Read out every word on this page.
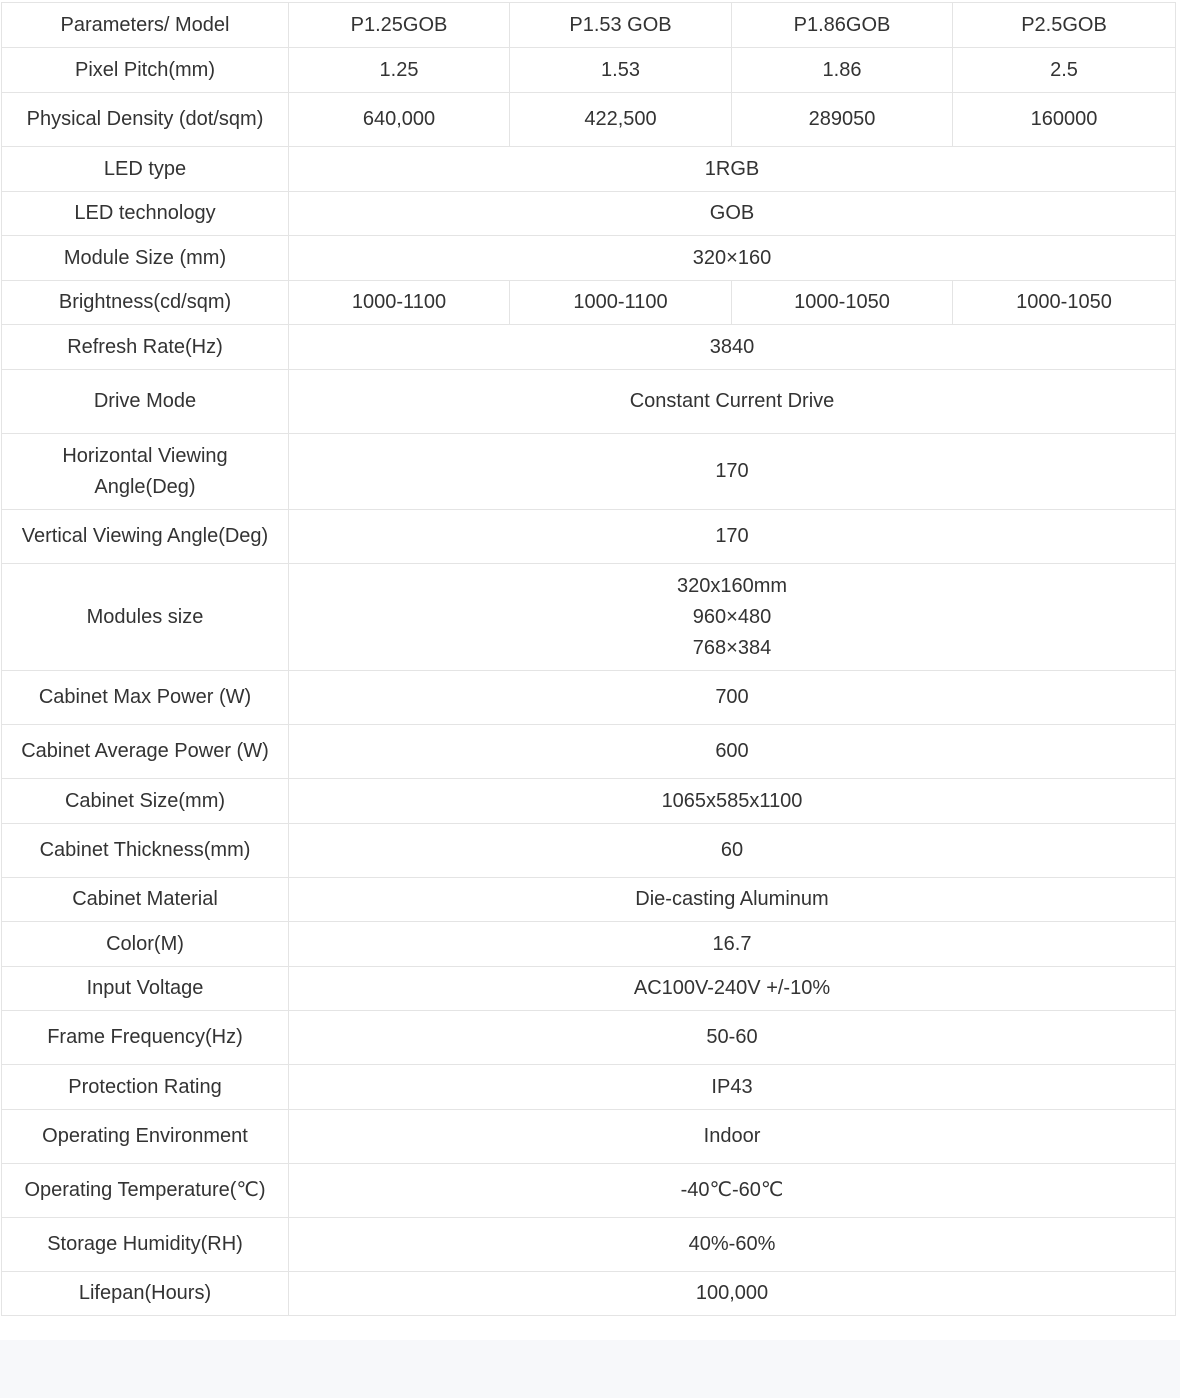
Parameters/ Model	P1.25GOB	P1.53 GOB	P1.86GOB	P2.5GOB
Pixel Pitch(mm)	1.25	1.53	1.86	2.5
Physical Density (dot/sqm)	640,000	422,500	289050	160000
LED type	1RGB			
LED technology	GOB			
Module Size (mm)	320×160			
Brightness(cd/sqm)	1000-1100	1000-1100	1000-1050	1000-1050
Refresh Rate(Hz)	3840			
Drive Mode	Constant Current Drive			

Horizontal Viewing
Angle(Deg)	170			
Vertical Viewing Angle(Deg)	170			
Modules size	320x160mm
960×480
768×384			

Cabinet Max Power (W)	700			
Cabinet Average Power (W)	600			
Cabinet Size(mm)	1065x585x1100			
Cabinet Thickness(mm)	60			
Cabinet Material	Die-casting Aluminum			
Color(M)	16.7			
Input Voltage	AC100V-240V +/-10%			
Frame Frequency(Hz)	50-60			
Protection Rating	IP43			
Operating Environment	Indoor			
Operating Temperature(℃)	-40℃-60℃			
Storage Humidity(RH)	40%-60%			
Lifepan(Hours)	100,000			
